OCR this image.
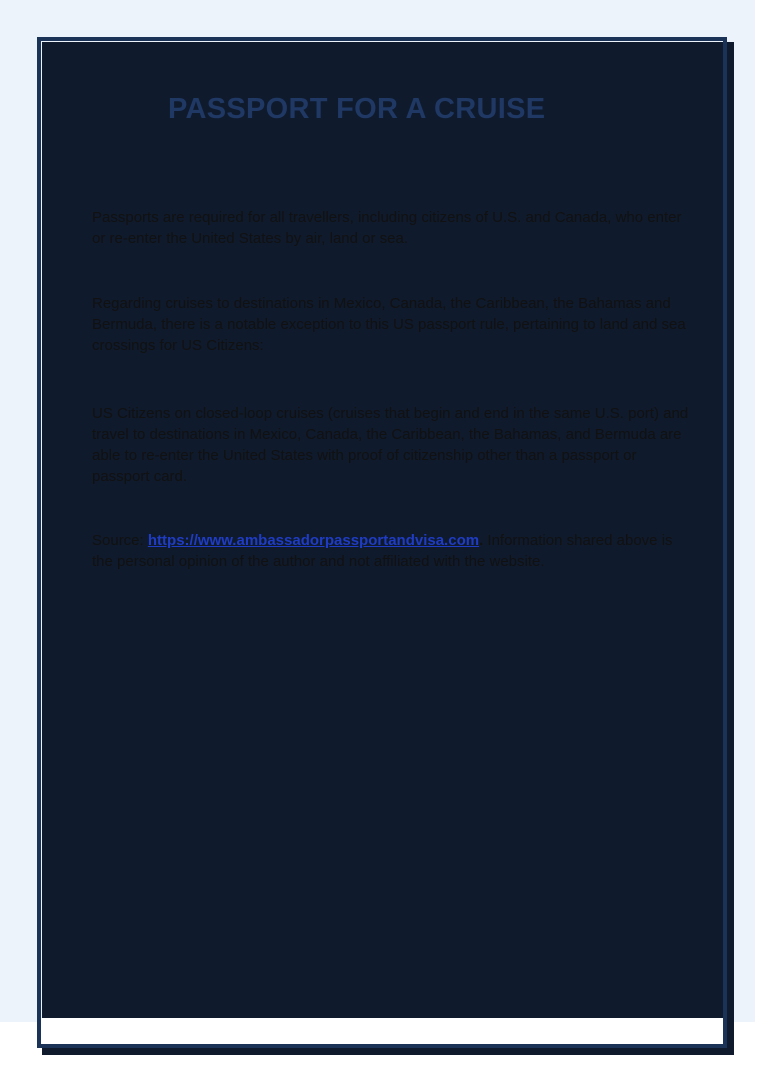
PASSPORT FOR A CRUISE

Passports are required for all travellers, including citizens of U.S. and Canada, who enter or re-enter the United States by air, land or sea.

Regarding cruises to destinations in Mexico, Canada, the Caribbean, the Bahamas and Bermuda, there is a notable exception to this US passport rule, pertaining to land and sea crossings for US Citizens:

US Citizens on closed-loop cruises (cruises that begin and end in the same U.S. port) and travel to destinations in Mexico, Canada, the Caribbean, the Bahamas, and Bermuda are able to re-enter the United States with proof of citizenship other than a passport or passport card.

Source: https://www.ambassadorpassportandvisa.com. Information shared above is the personal opinion of the author and not affiliated with the website.
